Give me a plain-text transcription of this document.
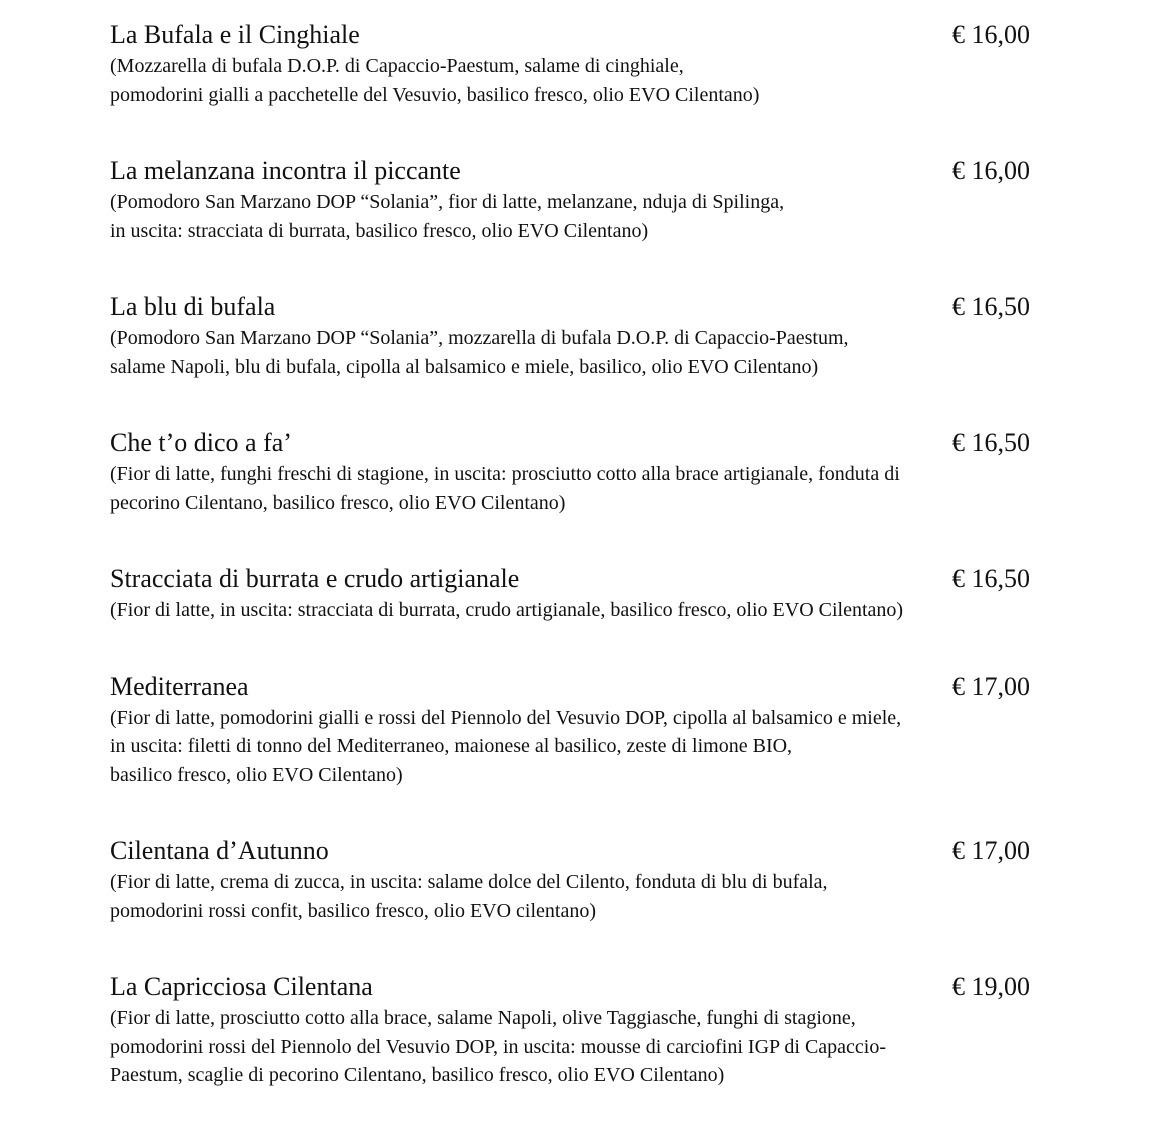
La Bufala e il Cinghiale	€ 16,00
(Mozzarella di bufala D.O.P. di Capaccio-Paestum, salame di cinghiale,
pomodorini gialli a pacchetelle del Vesuvio, basilico fresco, olio EVO Cilentano)
La melanzana incontra il piccante	€ 16,00
(Pomodoro San Marzano DOP “Solania”, fior di latte, melanzane, nduja di Spilinga,
in uscita: stracciata di burrata, basilico fresco, olio EVO Cilentano)
La blu di bufala	€ 16,50
(Pomodoro San Marzano DOP “Solania”, mozzarella di bufala D.O.P. di Capaccio-Paestum,
salame Napoli, blu di bufala, cipolla al balsamico e miele, basilico, olio EVO Cilentano)
Che t’o dico a fa’	€ 16,50
(Fior di latte, funghi freschi di stagione, in uscita: prosciutto cotto alla brace artigianale, fonduta di
pecorino Cilentano, basilico fresco, olio EVO Cilentano)
Stracciata di burrata e crudo artigianale	€ 16,50
(Fior di latte, in uscita: stracciata di burrata, crudo artigianale, basilico fresco, olio EVO Cilentano)
Mediterranea	€ 17,00
(Fior di latte, pomodorini gialli e rossi del Piennolo del Vesuvio DOP, cipolla al balsamico e miele,
in uscita: filetti di tonno del Mediterraneo, maionese al basilico, zeste di limone BIO,
basilico fresco, olio EVO Cilentano)
Cilentana d’Autunno	€ 17,00
(Fior di latte, crema di zucca, in uscita: salame dolce del Cilento, fonduta di blu di bufala,
pomodorini rossi confit, basilico fresco, olio EVO cilentano)
La Capricciosa Cilentana	€ 19,00
(Fior di latte, prosciutto cotto alla brace, salame Napoli, olive Taggiasche, funghi di stagione,
pomodorini rossi del Piennolo del Vesuvio DOP, in uscita: mousse di carciofini IGP di Capaccio-
Paestum, scaglie di pecorino Cilentano, basilico fresco, olio EVO Cilentano)
